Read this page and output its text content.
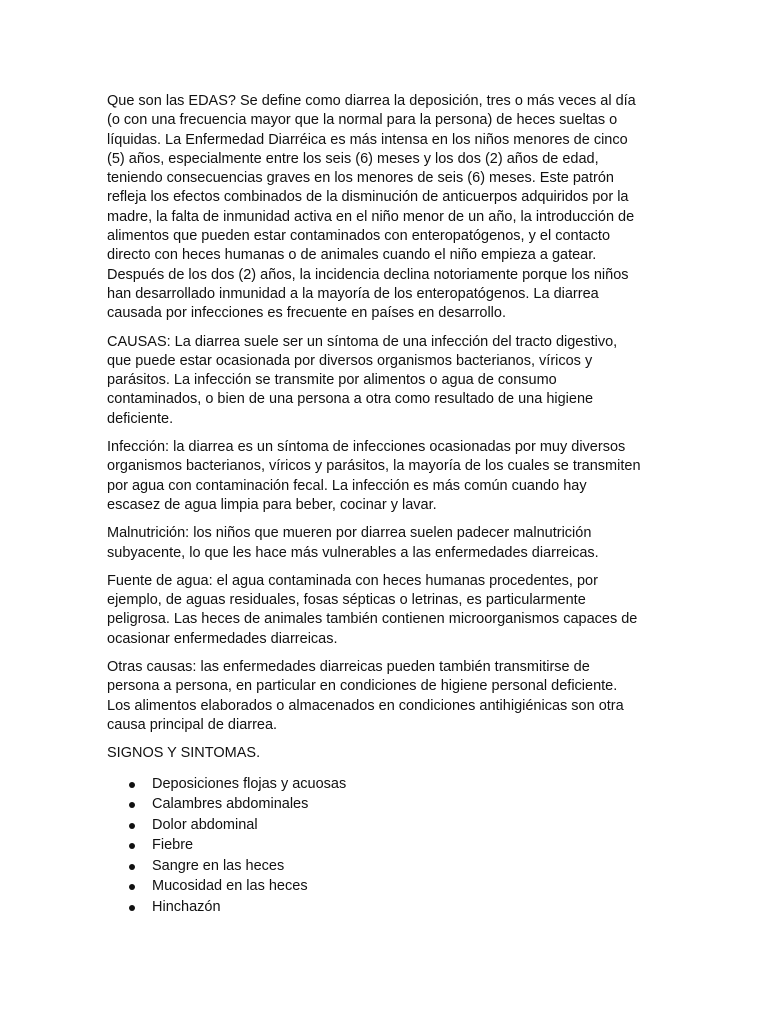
Que son las EDAS? Se define como diarrea la deposición, tres o más veces al día
(o con una frecuencia mayor que la normal para la persona) de heces sueltas o
líquidas. La Enfermedad Diarréica es más intensa en los niños menores de cinco
(5) años, especialmente entre los seis (6) meses y los dos (2) años de edad,
teniendo consecuencias graves en los menores de seis (6) meses. Este patrón
refleja los efectos combinados de la disminución de anticuerpos adquiridos por la
madre, la falta de inmunidad activa en el niño menor de un año, la introducción de
alimentos que pueden estar contaminados con enteropatógenos, y el contacto
directo con heces humanas o de animales cuando el niño empieza a gatear.
Después de los dos (2) años, la incidencia declina notoriamente porque los niños
han desarrollado inmunidad a la mayoría de los enteropatógenos. La diarrea
causada por infecciones es frecuente en países en desarrollo.

CAUSAS: La diarrea suele ser un síntoma de una infección del tracto digestivo,
que puede estar ocasionada por diversos organismos bacterianos, víricos y
parásitos. La infección se transmite por alimentos o agua de consumo
contaminados, o bien de una persona a otra como resultado de una higiene
deficiente.

Infección: la diarrea es un síntoma de infecciones ocasionadas por muy diversos
organismos bacterianos, víricos y parásitos, la mayoría de los cuales se transmiten
por agua con contaminación fecal. La infección es más común cuando hay
escasez de agua limpia para beber, cocinar y lavar.

Malnutrición: los niños que mueren por diarrea suelen padecer malnutrición
subyacente, lo que les hace más vulnerables a las enfermedades diarreicas.

Fuente de agua: el agua contaminada con heces humanas procedentes, por
ejemplo, de aguas residuales, fosas sépticas o letrinas, es particularmente
peligrosa. Las heces de animales también contienen microorganismos capaces de
ocasionar enfermedades diarreicas.

Otras causas: las enfermedades diarreicas pueden también transmitirse de
persona a persona, en particular en condiciones de higiene personal deficiente.
Los alimentos elaborados o almacenados en condiciones antihigiénicas son otra
causa principal de diarrea.

SIGNOS Y SINTOMAS.

Deposiciones flojas y acuosas
Calambres abdominales
Dolor abdominal
Fiebre
Sangre en las heces
Mucosidad en las heces
Hinchazón
